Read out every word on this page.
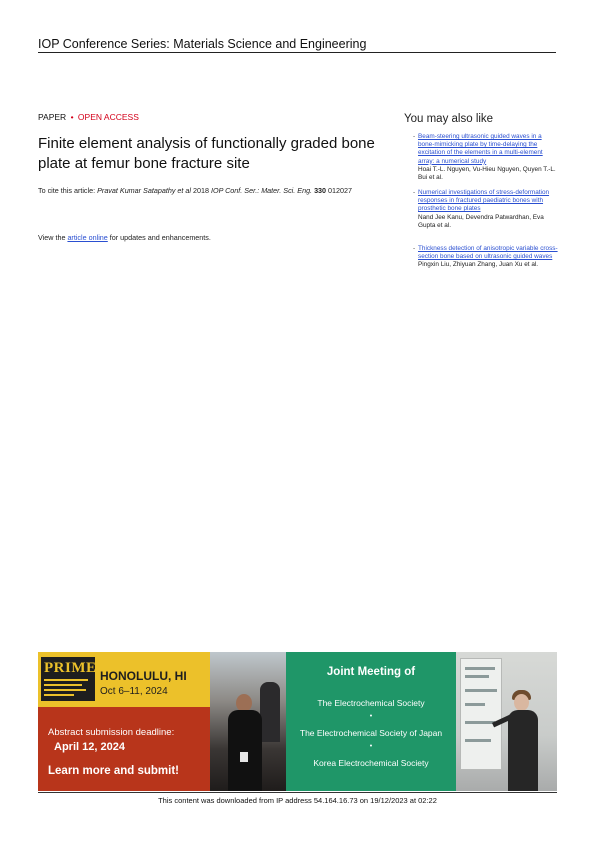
IOP Conference Series: Materials Science and Engineering
PAPER • OPEN ACCESS
Finite element analysis of functionally graded bone plate at femur bone fracture site
To cite this article: Pravat Kumar Satapathy et al 2018 IOP Conf. Ser.: Mater. Sci. Eng. 330 012027
View the article online for updates and enhancements.
You may also like
- Beam-steering ultrasonic guided waves in a bone-mimicking plate by time-delaying the excitation of the elements in a multi-element array: a numerical study
Hoai T.-L. Nguyen, Vu-Hieu Nguyen, Quyen T.-L. Bui et al.
- Numerical investigations of stress-deformation responses in fractured paediatric bones with prosthetic bone plates
Nand Jee Kanu, Devendra Patwardhan, Eva Gupta et al.
- Thickness detection of anisotropic variable cross-section bone based on ultrasonic guided waves
Pingxin Liu, Zhiyuan Zhang, Juan Xu et al.
PRIME HONOLULU, HI
Oct 6–11, 2024
Abstract submission deadline:
April 12, 2024
Learn more and submit!
Joint Meeting of
The Electrochemical Society
•
The Electrochemical Society of Japan
•
Korea Electrochemical Society
This content was downloaded from IP address 54.164.16.73 on 19/12/2023 at 02:22
